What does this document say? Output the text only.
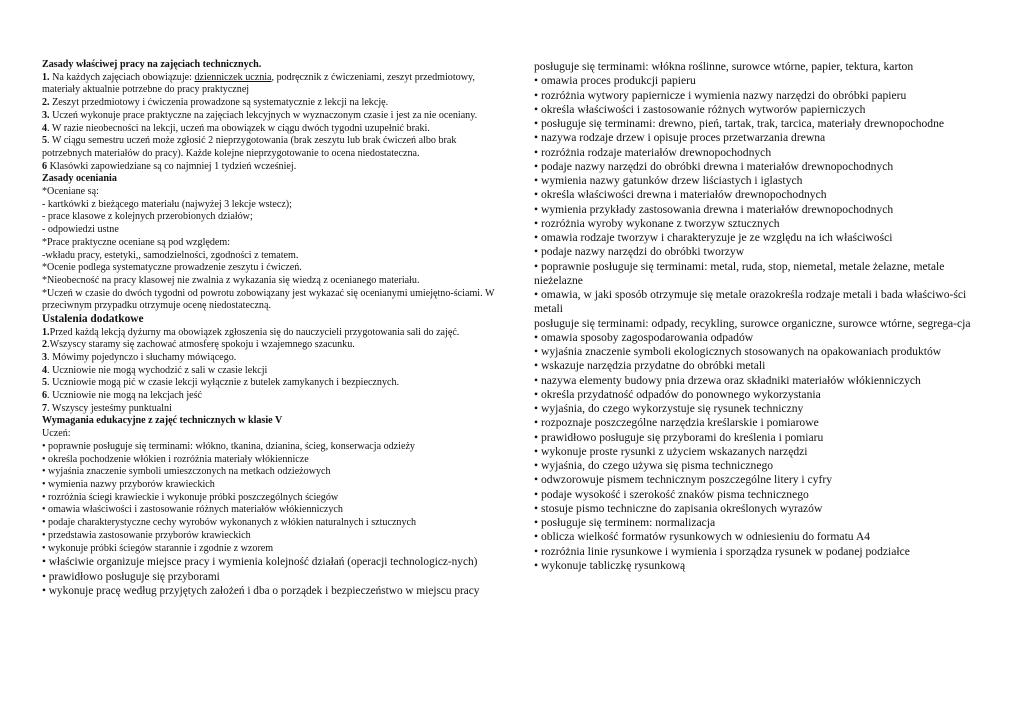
Zasady właściwej pracy na zajęciach technicznych.

1. Na każdych zajęciach obowiązuje: dzienniczek ucznia, podręcznik z ćwiczeniami, zeszyt przedmiotowy, materiały aktualnie potrzebne do pracy praktycznej

2. Zeszyt przedmiotowy i ćwiczenia prowadzone są systematycznie z lekcji na lekcję.

3. Uczeń wykonuje prace praktyczne na zajęciach lekcyjnych w wyznaczonym czasie i jest za nie oceniany.

4. W razie nieobecności na lekcji, uczeń ma obowiązek w ciągu dwóch tygodni uzupełnić braki.

5. W ciągu semestru uczeń może zgłosić 2 nieprzygotowania (brak zeszytu lub brak ćwiczeń albo brak potrzebnych materiałów do pracy). Każde kolejne nieprzygotowanie to ocena niedostateczna.

6 Klasówki zapowiedziane są co najmniej 1 tydzień wcześniej.

Zasady oceniania

*Oceniane są:

- kartkówki z bieżącego materiału (najwyżej 3 lekcje wstecz);

- prace klasowe z kolejnych przerobionych działów;

- odpowiedzi ustne

*Prace praktyczne oceniane są pod względem:

-wkładu pracy, estetyki,, samodzielności, zgodności z tematem.

*Ocenie podlega systematyczne prowadzenie zeszytu i ćwiczeń.

*Nieobecność na pracy klasowej nie zwalnia z wykazania się wiedzą z ocenianego materiału.

*Uczeń w czasie do dwóch tygodni od powrotu zobowiązany jest wykazać się ocenianymi umiejętno-ściami. W przeciwnym przypadku otrzymuje ocenę niedostateczną.

Ustalenia dodatkowe

1.Przed każdą lekcją dyżurny ma obowiązek zgłoszenia się do nauczycieli przygotowania sali do zajęć.

2.Wszyscy staramy się zachować atmosferę spokoju i wzajemnego szacunku.

3. Mówimy pojedynczo i słuchamy mówiącego.

4. Uczniowie nie mogą wychodzić z sali w czasie lekcji

5. Uczniowie mogą pić w czasie lekcji wyłącznie z butelek zamykanych i bezpiecznych.

6. Uczniowie nie mogą na lekcjach jeść

7. Wszyscy jesteśmy punktualni

Wymagania edukacyjne z zajęć technicznych w klasie V

Uczeń:

• poprawnie posługuje się terminami: włókno, tkanina, dzianina, ścieg, konserwacja odzieży

• określa pochodzenie włókien i rozróżnia materiały włókiennicze

• wyjaśnia znaczenie symboli umieszczonych na metkach odzieżowych

• wymienia nazwy przyborów krawieckich

• rozróżnia ściegi krawieckie i wykonuje próbki poszczególnych ściegów

• omawia właściwości i zastosowanie różnych materiałów włókienniczych

• podaje charakterystyczne cechy wyrobów wykonanych z włókien naturalnych i sztucznych

• przedstawia zastosowanie przyborów krawieckich

• wykonuje próbki ściegów starannie i zgodnie z wzorem

• właściwie organizuje miejsce pracy i wymienia kolejność działań (operacji technologicz-nych)

• prawidłowo posługuje się przyborami

• wykonuje pracę według przyjętych założeń i dba o porządek i bezpieczeństwo w miejscu pracy

posługuje się terminami: włókna roślinne, surowce wtórne, papier, tektura, karton

• omawia proces produkcji papieru

• rozróżnia wytwory papiernicze i wymienia nazwy narzędzi do obróbki papieru

• określa właściwości i zastosowanie różnych wytworów papierniczych

• posługuje się terminami: drewno, pień, tartak, trak, tarcica, materiały drewnopochodne

• nazywa rodzaje drzew i opisuje proces przetwarzania drewna

• rozróżnia rodzaje materiałów drewnopochodnych

• podaje nazwy narzędzi do obróbki drewna i materiałów drewnopochodnych

• wymienia nazwy gatunków drzew liściastych i iglastych

• określa właściwości drewna i materiałów drewnopochodnych

• wymienia przykłady zastosowania drewna i materiałów drewnopochodnych

• rozróżnia wyroby wykonane z tworzyw sztucznych

• omawia rodzaje tworzyw i charakteryzuje je ze względu na ich właściwości

• podaje nazwy narzędzi do obróbki tworzyw

• poprawnie posługuje się terminami: metal, ruda, stop, niemetal, metale żelazne, metale nieżelazne

• omawia, w jaki sposób otrzymuje się metale orazokreśla rodzaje metali i bada właściwo-ści metali

posługuje się terminami: odpady, recykling, surowce organiczne, surowce wtórne, segrega-cja

• omawia sposoby zagospodarowania odpadów

• wyjaśnia znaczenie symboli ekologicznych stosowanych na opakowaniach produktów

• wskazuje narzędzia przydatne do obróbki metali

• nazywa elementy budowy pnia drzewa oraz składniki materiałów włókienniczych

• określa przydatność odpadów do ponownego wykorzystania

• wyjaśnia, do czego wykorzystuje się rysunek techniczny

• rozpoznaje poszczególne narzędzia kreślarskie i pomiarowe

• prawidłowo posługuje się przyborami do kreślenia i pomiaru

• wykonuje proste rysunki z użyciem wskazanych narzędzi

• wyjaśnia, do czego używa się pisma technicznego

• odwzorowuje pismem technicznym poszczególne litery i cyfry

• podaje wysokość i szerokość znaków pisma technicznego

• stosuje pismo techniczne do zapisania określonych wyrazów

• posługuje się terminem: normalizacja

• oblicza wielkość formatów rysunkowych w odniesieniu do formatu A4

• rozróżnia linie rysunkowe i wymienia i sporządza rysunek w podanej podziałce

• wykonuje tabliczkę rysunkową
